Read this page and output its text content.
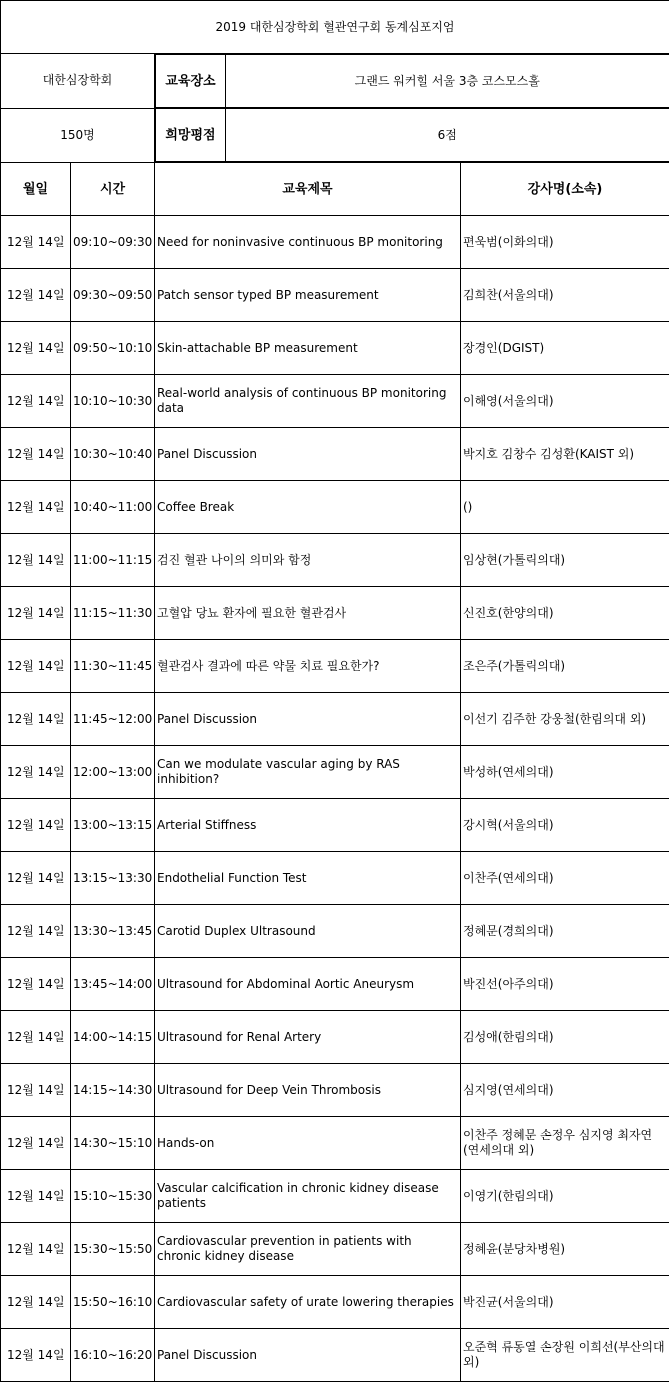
2019 대한심장학회 혈관연구회 동계심포지엄
대한심장학회		교육장소	그랜드 워커힐 서울 3층 코스모스홀

150명		희망평점	6점

월일	시간	교육제목	강사명(소속)
12월 14일	09:10~09:30	Need for noninvasive continuous BP monitoring	편욱범(이화의대)
12월 14일	09:30~09:50	Patch sensor typed BP measurement	김희찬(서울의대)
12월 14일	09:50~10:10	Skin-attachable BP measurement	장경인(DGIST)
12월 14일	10:10~10:30	Real-world analysis of continuous BP monitoring data	이해영(서울의대)
12월 14일	10:30~10:40	Panel Discussion	박지호 김창수 김성환(KAIST 외)
12월 14일	10:40~11:00	Coffee Break	()
12월 14일	11:00~11:15	검진 혈관 나이의 의미와 함정	임상현(가톨릭의대)
12월 14일	11:15~11:30	고혈압 당뇨 환자에 필요한 혈관검사	신진호(한양의대)
12월 14일	11:30~11:45	혈관검사 결과에 따른 약물 치료 필요한가?	조은주(가톨릭의대)
12월 14일	11:45~12:00	Panel Discussion	이선기 김주한 강웅철(한림의대 외)
12월 14일	12:00~13:00	Can we modulate vascular aging by RAS inhibition?	박성하(연세의대)
12월 14일	13:00~13:15	Arterial Stiffness	강시혁(서울의대)
12월 14일	13:15~13:30	Endothelial Function Test	이찬주(연세의대)
12월 14일	13:30~13:45	Carotid Duplex Ultrasound	정혜문(경희의대)
12월 14일	13:45~14:00	Ultrasound for Abdominal Aortic Aneurysm	박진선(아주의대)
12월 14일	14:00~14:15	Ultrasound for Renal Artery	김성애(한림의대)
12월 14일	14:15~14:30	Ultrasound for Deep Vein Thrombosis	심지영(연세의대)
12월 14일	14:30~15:10	Hands-on	이찬주 정혜문 손정우 심지영 최자연(연세의대 외)
12월 14일	15:10~15:30	Vascular calcification in chronic kidney disease patients	이영기(한림의대)
12월 14일	15:30~15:50	Cardiovascular prevention in patients with chronic kidney disease	정혜윤(분당차병원)
12월 14일	15:50~16:10	Cardiovascular safety of urate lowering therapies	박진균(서울의대)
12월 14일	16:10~16:20	Panel Discussion	오준혁 류동열 손장원 이희선(부산의대 외)
